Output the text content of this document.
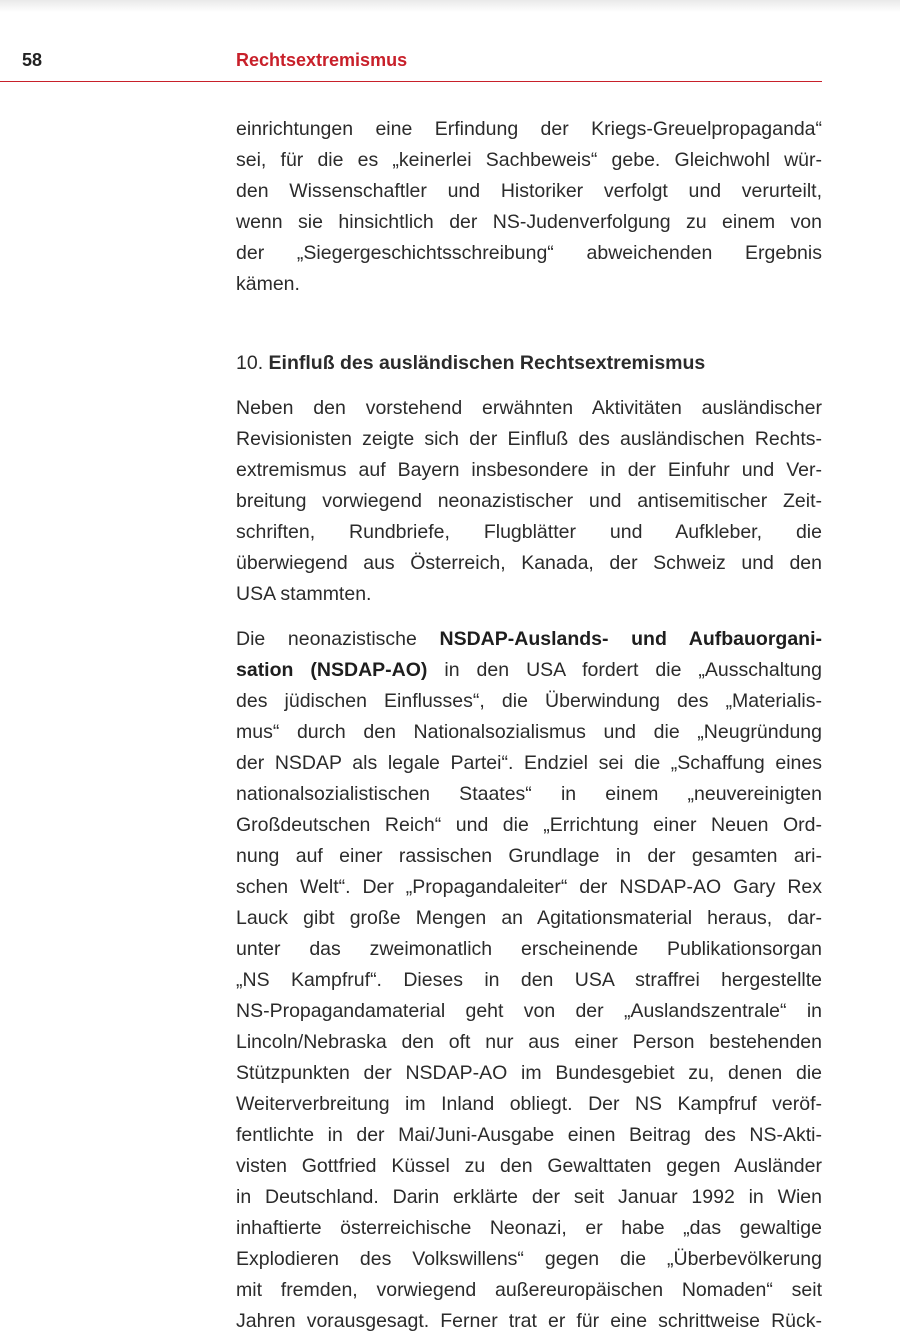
58	Rechtsextremismus

einrichtungen eine Erfindung der Kriegs-Greuelpropaganda“
sei, für die es „keinerlei Sachbeweis“ gebe. Gleichwohl wür-
den Wissenschaftler und Historiker verfolgt und verurteilt,
wenn sie hinsichtlich der NS-Judenverfolgung zu einem von
der „Siegergeschichtsschreibung“ abweichenden Ergebnis
kämen.

10. Einfluß des ausländischen Rechtsextremismus

Neben den vorstehend erwähnten Aktivitäten ausländischer
Revisionisten zeigte sich der Einfluß des ausländischen Rechts-
extremismus auf Bayern insbesondere in der Einfuhr und Ver-
breitung vorwiegend neonazistischer und antisemitischer Zeit-
schriften, Rundbriefe, Flugblätter und Aufkleber, die
überwiegend aus Österreich, Kanada, der Schweiz und den
USA stammten.

Die neonazistische NSDAP-Auslands- und Aufbauorgani-
sation (NSDAP-AO) in den USA fordert die „Ausschaltung
des jüdischen Einflusses“, die Überwindung des „Materialis-
mus“ durch den Nationalsozialismus und die „Neugründung
der NSDAP als legale Partei“. Endziel sei die „Schaffung eines
nationalsozialistischen Staates“ in einem „neuvereinigten
Großdeutschen Reich“ und die „Errichtung einer Neuen Ord-
nung auf einer rassischen Grundlage in der gesamten ari-
schen Welt“. Der „Propagandaleiter“ der NSDAP-AO Gary Rex
Lauck gibt große Mengen an Agitationsmaterial heraus, dar-
unter das zweimonatlich erscheinende Publikationsorgan
„NS Kampfruf“. Dieses in den USA straffrei hergestellte
NS-Propagandamaterial geht von der „Auslandszentrale“ in
Lincoln/Nebraska den oft nur aus einer Person bestehenden
Stützpunkten der NSDAP-AO im Bundesgebiet zu, denen die
Weiterverbreitung im Inland obliegt. Der NS Kampfruf veröf-
fentlichte in der Mai/Juni-Ausgabe einen Beitrag des NS-Akti-
visten Gottfried Küssel zu den Gewalttaten gegen Ausländer
in Deutschland. Darin erklärte der seit Januar 1992 in Wien
inhaftierte österreichische Neonazi, er habe „das gewaltige
Explodieren des Volkswillens“ gegen die „Überbevölkerung
mit fremden, vorwiegend außereuropäischen Nomaden“ seit
Jahren vorausgesagt. Ferner trat er für eine schrittweise Rück-
